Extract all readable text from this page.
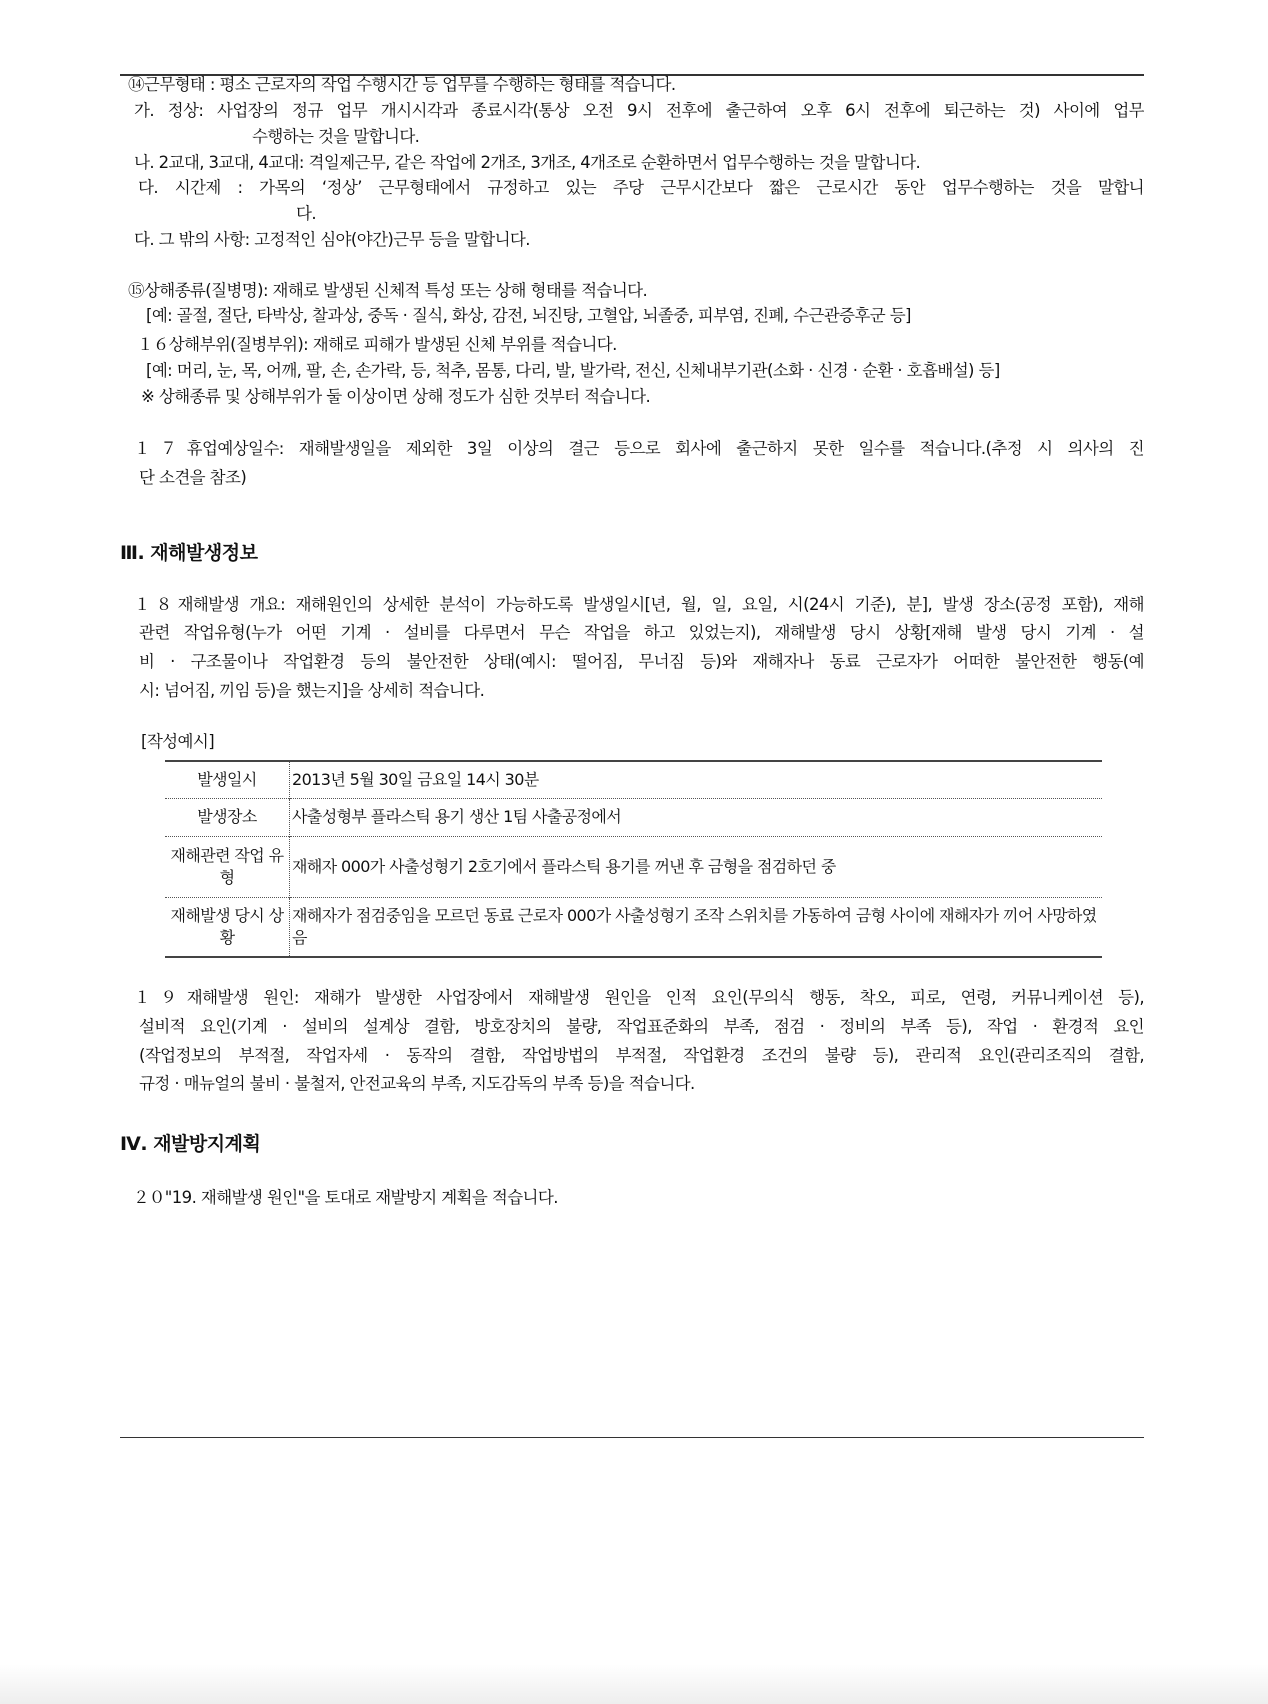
⑭근무형태 : 평소 근로자의 작업 수행시간 등 업무를 수행하는 형태를 적습니다.
가. 정상: 사업장의 정규 업무 개시시각과 종료시각(통상 오전 9시 전후에 출근하여 오후 6시 전후에 퇴근하는 것) 사이에 업무
수행하는 것을 말합니다.
나. 2교대, 3교대, 4교대: 격일제근무, 같은 작업에 2개조, 3개조, 4개조로 순환하면서 업무수행하는 것을 말합니다.
다. 시간제 : 가목의 ‘정상’ 근무형태에서 규정하고 있는 주당 근무시간보다 짧은 근로시간 동안 업무수행하는 것을 말합니
다.
다. 그 밖의 사항: 고정적인 심야(야간)근무 등을 말합니다.
⑮상해종류(질병명): 재해로 발생된 신체적 특성 또는 상해 형태를 적습니다.
[예: 골절, 절단, 타박상, 찰과상, 중독 · 질식, 화상, 감전, 뇌진탕, 고혈압, 뇌졸중, 피부염, 진폐, 수근관증후군 등]
１６상해부위(질병부위): 재해로 피해가 발생된 신체 부위를 적습니다.
[예: 머리, 눈, 목, 어깨, 팔, 손, 손가락, 등, 척추, 몸통, 다리, 발, 발가락, 전신, 신체내부기관(소화 · 신경 · 순환 · 호흡배설) 등]
※ 상해종류 및 상해부위가 둘 이상이면 상해 정도가 심한 것부터 적습니다.
１７휴업예상일수: 재해발생일을 제외한 3일 이상의 결근 등으로 회사에 출근하지 못한 일수를 적습니다.(추정 시 의사의 진
단 소견을 참조)
Ⅲ. 재해발생정보
１８재해발생 개요: 재해원인의 상세한 분석이 가능하도록 발생일시[년, 월, 일, 요일, 시(24시 기준), 분], 발생 장소(공정 포함), 재해
관련 작업유형(누가 어떤 기계 · 설비를 다루면서 무슨 작업을 하고 있었는지), 재해발생 당시 상황[재해 발생 당시 기계 · 설
비 · 구조물이나 작업환경 등의 불안전한 상태(예시: 떨어짐, 무너짐 등)와 재해자나 동료 근로자가 어떠한 불안전한 행동(예
시: 넘어짐, 끼임 등)을 했는지]을 상세히 적습니다.
[작성예시]
발생일시	2013년 5월 30일 금요일 14시 30분
발생장소	사출성형부 플라스틱 용기 생산 1팀 사출공정에서
재해관련 작업 유형	재해자 000가 사출성형기 2호기에서 플라스틱 용기를 꺼낸 후 금형을 점검하던 중
재해발생 당시 상황	재해자가 점검중임을 모르던 동료 근로자 000가 사출성형기 조작 스위치를 가동하여 금형 사이에 재해자가 끼어 사망하였음
１９재해발생 원인: 재해가 발생한 사업장에서 재해발생 원인을 인적 요인(무의식 행동, 착오, 피로, 연령, 커뮤니케이션 등),
설비적 요인(기계 · 설비의 설계상 결함, 방호장치의 불량, 작업표준화의 부족, 점검 · 정비의 부족 등), 작업 · 환경적 요인
(작업정보의 부적절, 작업자세 · 동작의 결함, 작업방법의 부적절, 작업환경 조건의 불량 등), 관리적 요인(관리조직의 결함,
규정 · 매뉴얼의 불비 · 불철저, 안전교육의 부족, 지도감독의 부족 등)을 적습니다.
Ⅳ. 재발방지계획
２０"19. 재해발생 원인"을 토대로 재발방지 계획을 적습니다.
